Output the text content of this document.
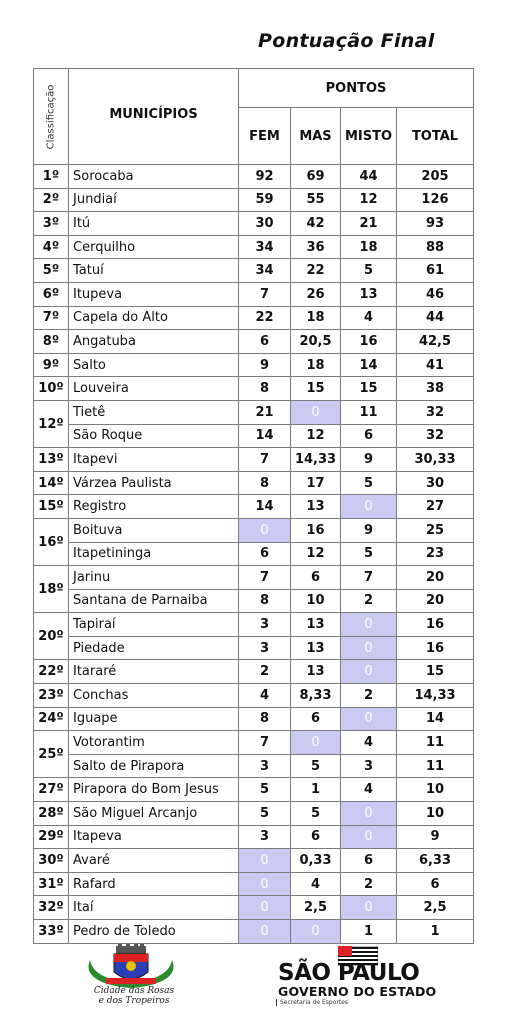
Pontuação Final
Classificação	MUNICÍPIOS	PONTOS			
		FEM	MAS	MISTO	TOTAL
1º	Sorocaba	92	69	44	205
2º	Jundiaí	59	55	12	126
3º	Itú	30	42	21	93
4º	Cerquilho	34	36	18	88
5º	Tatuí	34	22	5	61
6º	Itupeva	7	26	13	46
7º	Capela do Alto	22	18	4	44
8º	Angatuba	6	20,5	16	42,5
9º	Salto	9	18	14	41
10º	Louveira	8	15	15	38
12º	Tietê	21	0	11	32
	São Roque	14	12	6	32
13º	Itapevi	7	14,33	9	30,33
14º	Várzea Paulista	8	17	5	30
15º	Registro	14	13	0	27
16º	Boituva	0	16	9	25
	Itapetininga	6	12	5	23
18º	Jarinu	7	6	7	20
	Santana de Parnaiba	8	10	2	20
20º	Tapiraí	3	13	0	16
	Piedade	3	13	0	16
22º	Itararé	2	13	0	15
23º	Conchas	4	8,33	2	14,33
24º	Iguape	8	6	0	14
25º	Votorantim	7	0	4	11
	Salto de Pirapora	3	5	3	11
27º	Pirapora do Bom Jesus	5	1	4	10
28º	São Miguel Arcanjo	5	5	0	10
29º	Itapeva	3	6	0	9
30º	Avaré	0	0,33	6	6,33
31º	Rafard	0	4	2	6
32º	Itaí	0	2,5	0	2,5
33º	Pedro de Toledo	0	0	1	1
Cidade das Rosas
e dos Tropeiros
SÃO PAULO
GOVERNO DO ESTADO
Secretaria de Esportes
